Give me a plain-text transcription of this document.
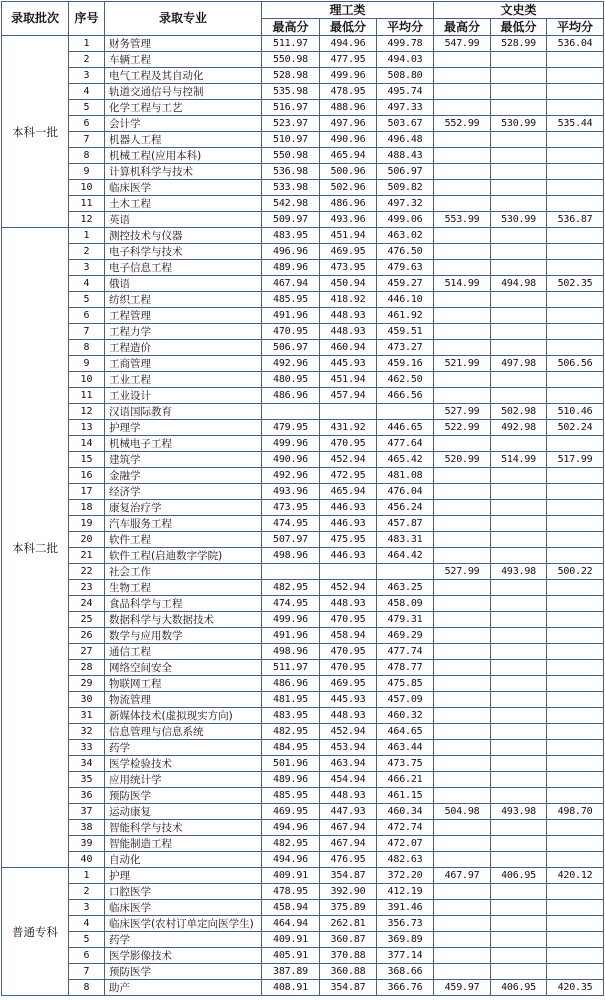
录取批次	序号	录取专业	理工类			文史类		
			最高分	最低分	平均分	最高分	最低分	平均分
本科一批	1	财务管理	511.97	494.96	499.78	547.99	528.99	536.04
	2	车辆工程	550.98	477.95	494.03			
	3	电气工程及其自动化	528.98	499.96	508.80			
	4	轨道交通信号与控制	535.98	478.95	495.74			
	5	化学工程与工艺	516.97	488.96	497.33			
	6	会计学	523.97	497.96	503.67	552.99	530.99	535.44
	7	机器人工程	510.97	490.96	496.48			
	8	机械工程(应用本科)	550.98	465.94	488.43			
	9	计算机科学与技术	536.98	500.96	506.97			
	10	临床医学	533.98	502.96	509.82			
	11	土木工程	542.98	486.96	497.32			
	12	英语	509.97	493.96	499.06	553.99	530.99	536.87
本科二批	1	测控技术与仪器	483.95	451.94	463.02			
	2	电子科学与技术	496.96	469.95	476.50			
	3	电子信息工程	489.96	473.95	479.63			
	4	俄语	467.94	450.94	459.27	514.99	494.98	502.35
	5	纺织工程	485.95	418.92	446.10			
	6	工程管理	491.96	448.93	461.92			
	7	工程力学	470.95	448.93	459.51			
	8	工程造价	506.97	460.94	473.27			
	9	工商管理	492.96	445.93	459.16	521.99	497.98	506.56
	10	工业工程	480.95	451.94	462.50			
	11	工业设计	486.96	457.94	466.56			
	12	汉语国际教育				527.99	502.98	510.46
	13	护理学	479.95	431.92	446.65	522.99	492.98	502.24
	14	机械电子工程	499.96	470.95	477.64			
	15	建筑学	490.96	452.94	465.42	520.99	514.99	517.99
	16	金融学	492.96	472.95	481.08			
	17	经济学	493.96	465.94	476.04			
	18	康复治疗学	473.95	446.93	456.24			
	19	汽车服务工程	474.95	446.93	457.87			
	20	软件工程	507.97	475.95	483.31			
	21	软件工程(启迪数字学院)	498.96	446.93	464.42			
	22	社会工作				527.99	493.98	500.22
	23	生物工程	482.95	452.94	463.25			
	24	食品科学与工程	474.95	448.93	458.09			
	25	数据科学与大数据技术	499.96	470.95	479.31			
	26	数学与应用数学	491.96	458.94	469.29			
	27	通信工程	498.96	470.95	477.74			
	28	网络空间安全	511.97	470.95	478.77			
	29	物联网工程	486.96	469.95	475.85			
	30	物流管理	481.95	445.93	457.09			
	31	新媒体技术(虚拟现实方向)	483.95	448.93	460.32			
	32	信息管理与信息系统	482.95	452.94	464.65			
	33	药学	484.95	453.94	463.44			
	34	医学检验技术	501.96	463.94	473.75			
	35	应用统计学	489.96	454.94	466.21			
	36	预防医学	485.95	448.93	461.15			
	37	运动康复	469.95	447.93	460.34	504.98	493.98	498.70
	38	智能科学与技术	494.96	467.94	472.74			
	39	智能制造工程	482.95	467.94	472.07			
	40	自动化	494.96	476.95	482.63			
普通专科	1	护理	409.91	354.87	372.20	467.97	406.95	420.12
	2	口腔医学	478.95	392.90	412.19			
	3	临床医学	458.94	375.89	391.46			
	4	临床医学(农村订单定向医学生)	464.94	262.81	356.73			
	5	药学	409.91	360.87	369.89			
	6	医学影像技术	405.91	370.88	377.14			
	7	预防医学	387.89	360.88	368.66			
	8	助产	408.91	354.87	366.76	459.97	406.95	420.35
